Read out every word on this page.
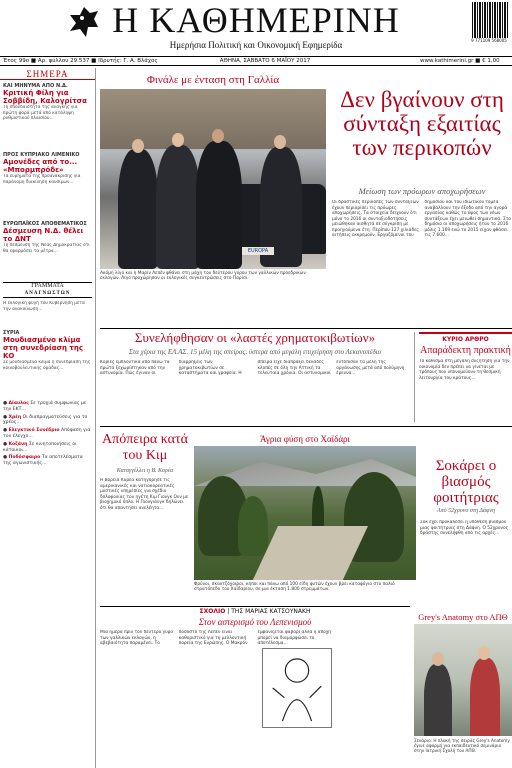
Η ΚΑΘΗΜΕΡΙΝΗ
Ημερήσια Πολιτική και Οικονομική Εφημερίδα	9 771109 568005
Έτος 99ο ■ Αρ. φύλλου 29.537 ■ Ιδρυτής: Γ. Α. Βλάχος	ΑΘΗΝΑ, ΣΑΒΒΑΤΟ 6 ΜΑΪΟΥ 2017	www.kathimerini.gr ■ € 1,00
ΣΗΜΕΡΑ
ΚΑΙ ΜΗΝΥΜΑ ΑΠΟ Ν.Δ.
Κριτική Φίλη για Σοββίδη, Καλογρίτσα
Τη σπουδαιότητα της ανάγκης για πρώτη φορά μετά από κατάληψη ρυθμιστικού πλαισίου...
ΠΡΟΣ ΚΥΠΡΙΑΚΟ ΛΙΜΕΝΙΚΟ
Αμονέδες από το... «Μπορμπρόδε»
Τα ευρήματα της προανάκρισης για παράνομη διακίνηση καυσίμων...
ΕΥΡΩΠΑΪΚΟΣ ΑΠΟΘΕΜΑΤΙΚΟΣ
Δέσμευση Ν.Δ. θέλει το ΔΝΤ
Τη δέσμευση της Νέας Δημοκρατίας ότι θα εφαρμόσει τα μέτρα...
ΓΡΑΜΜΑΤΑ
ΑΝΑΓΝΩΣΤΩΝ
Η εκλογική φυγή του Κυβέρνηση μετά την ανακοίνωση...
ΣΥΡΙΑ
Μουδιασμένο κλίμα στη συνεδρίαση της ΚΟ
Σε μουδιασμένο κλίμα η συνεδρίαση της κοινοβουλευτικής ομάδας...
● Δίαυλος Σε τροχιά συμφωνίας με την ΕΚΤ...
● Χρέη Οι διαπραγματεύσεις για το χρέος...
● Ελεγκτικό Συνέδριο Απόφαση για τον έλεγχο...
● Κοζάνη Σε κινητοποιήσεις οι κάτοικοι...
● Ποδόσφαιρο Τα αποτελέσματα της αγωνιστικής...
Φινάλε με ένταση στη Γαλλία
EUROPA
Ακόμη λίγο και η Μαρίν Λεπέν φθάνει στη μάχη του δεύτερου γύρου των γαλλικών προεδρικών εκλογών. Λίγο προχώρησαν οι εκλογικές συγκεντρώσεις στο Παρίσι.
Δεν βγαίνουν στη σύνταξη εξαιτίας των περικοπών
Μείωση των πρόωρων αποχωρήσεων
Οι δραστικές περικοπές των συντάξεων έχουν περιορίσει τις πρόωρες αποχωρήσεις. Τα στοιχεία δείχνουν ότι μόνο το 2016 οι συνταξιοδοτήσεις μειώθηκαν αισθητά σε σύγκριση με προηγούμενα έτη. Περίπου 127 χιλιάδες αιτήσεις εκκρεμούν. Εργαζόμενοι του δημοσίου και του ιδιωτικού τομέα αναβάλλουν την έξοδο από την αγορά εργασίας καθώς το ύψος των νέων συντάξεων έχει μειωθεί σημαντικά. Στο δημόσιο οι αποχωρήσεις ήταν το 2016 μόλις 1.169 ενώ το 2015 είχαν φθάσει τις 7.600...
Συνελήφθησαν οι «λαστές χρηματοκιβωτίων»
Στα χέρια της ΕΛ.ΑΣ. 15 μέλη της σπείρας, ύστερα από μεγάλη επιχείρηση στο Λεκανοπέδιο
Κορίες εμπλουτικά από πάνω τα πρώτα ξεχωρίστηκαν από την αστυνομία. Πώς έγιναν οι διαρρήξεις των χρηματοκιβωτίων σε καταστήματα και γραφεία. Η σπείρα είχε διαπράξει δεκάδες κλοπές σε όλη την Αττική τα τελευταία χρόνια. Οι αστυνομικοί εντόπισαν τα μέλη της οργάνωσης μετά από πολύμηνη έρευνα...
ΚΥΡΙΟ ΑΡΘΡΟ
Απαράδεκτη πρακτική
Το κάθισμα στη μεγάλη συζήτηση για την οικονομία δεν πρέπει να γίνεται με τρόπους που υπονομεύουν τη θεσμική λειτουργία του κράτους...
Απόπειρα κατά του Κιμ
Καταγγέλλει η Β. Κορέα
Η Βόρεια Κορέα κατηγόρησε τις αμερικανικές και νοτιοκορεατικές μυστικές υπηρεσίες για σχέδιο δολοφονίας του ηγέτη Κιμ Γιονγκ Ουν με βιοχημικό όπλο. Η Πιονγιάνγκ δηλώνει ότι θα απαντήσει ανελέητα...
Άγρια φύση στο Χαϊδάρι
Φρύνοι, σκαντζόχοιροι, κήποι και πάνω από 100 είδη φυτών έχουν βρει καταφύγιο στο παλιό στρατόπεδο του Χαϊδαρίου, σε μια έκταση 1.800 στρεμμάτων.
Σοκάρει ο βιασμός φοιτήτριας
Από 52χρονο στη Δάφνη
Σοκ έχει προκαλέσει η υπόθεση βιασμού μιας φοιτήτριας στη Δάφνη. Ο 52χρονος δράστης συνελήφθη από τις αρχές...
ΣΧΟΛΙΟ | ΤΗΣ ΜΑΡΙΑΣ ΚΑΤΣΟΥΝΑΚΗ
Στον αστερισμό του Λεπενισμού
Μία ημέρα πριν τον δεύτερο γύρο των γαλλικών εκλογών, η αβεβαιότητα παραμένει. Το ποσοστό της Λεπέν είναι καθοριστικό για τη μελλοντική πορεία της Ευρώπης. Ο Μακρόν εμφανίζεται φαβορί αλλά η αποχή μπορεί να διαμορφώσει το αποτέλεσμα...
Grey's Anatomy στο ΑΠΘ
Σενάριο: Η πλοκή της σειράς Grey's Anatomy έγινε αφορμή για εκπαιδευτικό σεμινάριο στην Ιατρική Σχολή του ΑΠΘ.
